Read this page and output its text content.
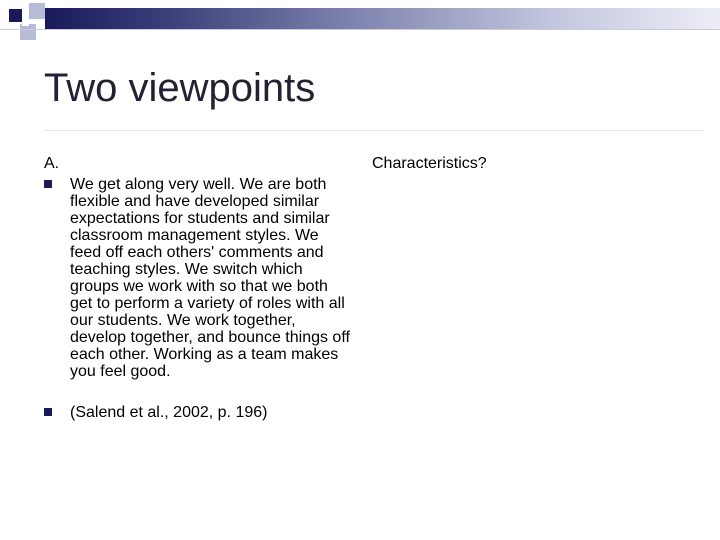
Two viewpoints

A.

We get along very well. We are both flexible and have developed similar expectations for students and similar classroom management styles. We feed off each others' comments and teaching styles. We switch which groups we work with so that we both get to perform a variety of roles with all our students. We work together, develop together, and bounce things off each other. Working as a team makes you feel good.
(Salend et al., 2002, p. 196)

Characteristics?
